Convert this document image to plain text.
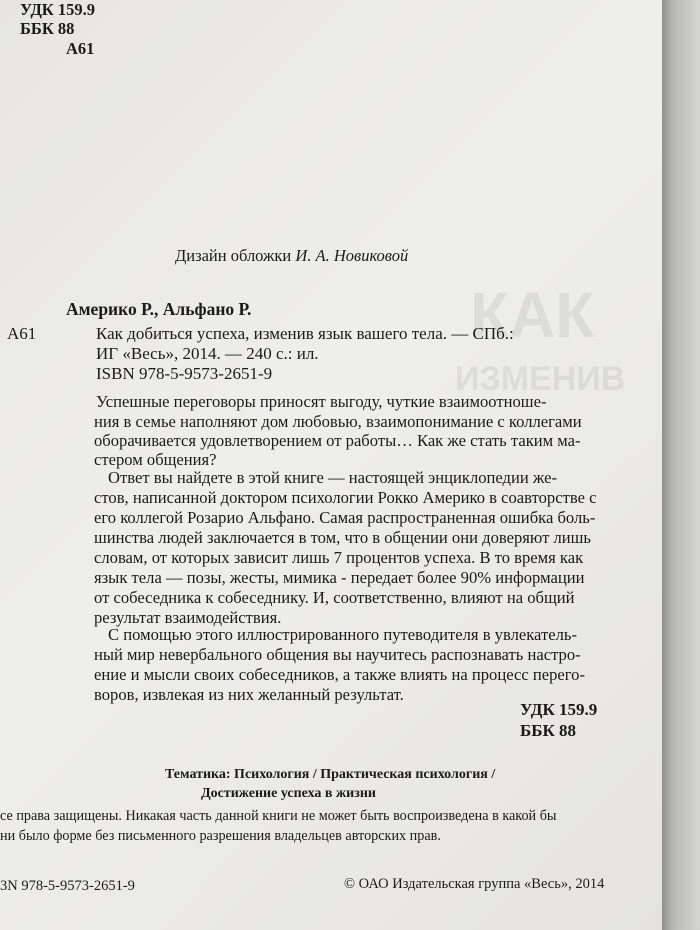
КАК
ИЗМЕНИВ
УДК 159.9
ББК 88
А61
Дизайн обложки И. А. Новиковой
Америко Р., Альфано Р.
А61	Как добиться успеха, изменив язык вашего тела. — СПб.:
ИГ «Весь», 2014. — 240 с.: ил.
ISBN 978-5-9573-2651-9
Успешные переговоры приносят выгоду, чуткие взаимоотноше-
ния в семье наполняют дом любовью, взаимопонимание с коллегами
оборачивается удовлетворением от работы… Как же стать таким ма-
стером общения?
Ответ вы найдете в этой книге — настоящей энциклопедии же-
стов, написанной доктором психологии Рокко Америко в соавторстве с
его коллегой Розарио Альфано. Самая распространенная ошибка боль-
шинства людей заключается в том, что в общении они доверяют лишь
словам, от которых зависит лишь 7 процентов успеха. В то время как
язык тела — позы, жесты, мимика - передает более 90% информации
от собеседника к собеседнику. И, соответственно, влияют на общий
результат взаимодействия.
С помощью этого иллюстрированного путеводителя в увлекатель-
ный мир невербального общения вы научитесь распознавать настро-
ение и мысли своих собеседников, а также влиять на процесс перего-
воров, извлекая из них желанный результат.
УДК 159.9
ББК 88
Тематика: Психология / Практическая психология /
Достижение успеха в жизни
се права защищены. Никакая часть данной книги не может быть воспроизведена в какой бы
ни было форме без письменного разрешения владельцев авторских прав.
3N 978-5-9573-2651-9	© ОАО Издательская группа «Весь», 2014
